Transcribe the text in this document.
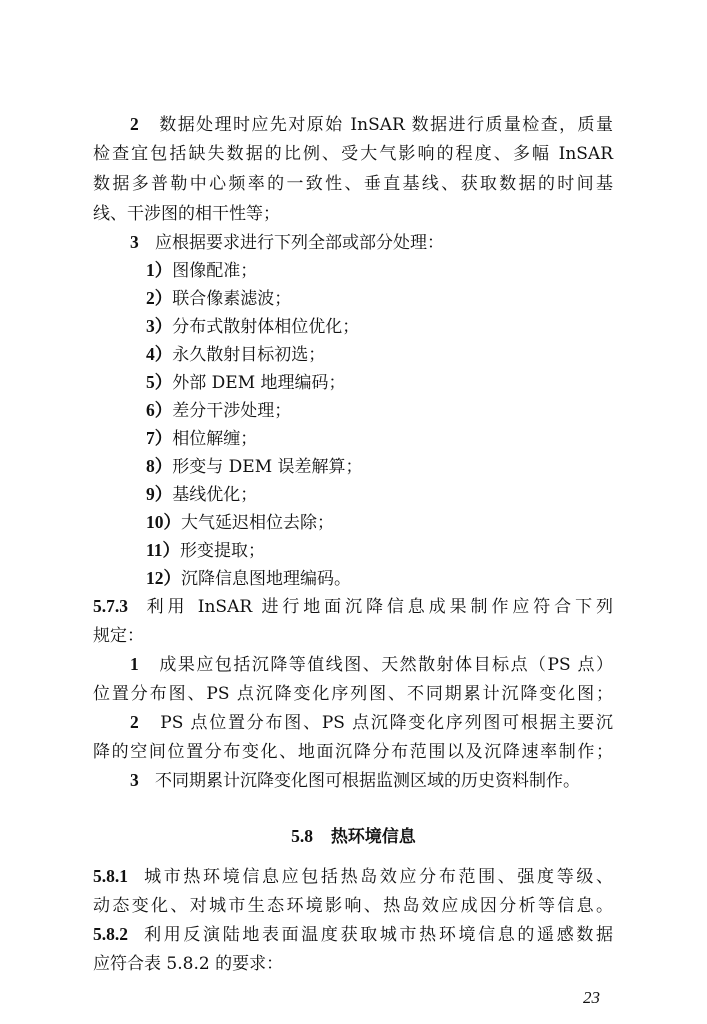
2 数据处理时应先对原始 InSAR 数据进行质量检查，质量
检查宜包括缺失数据的比例、受大气影响的程度、多幅 InSAR
数据多普勒中心频率的一致性、垂直基线、获取数据的时间基
线、干涉图的相干性等；
3 应根据要求进行下列全部或部分处理：
1）图像配准；
2）联合像素滤波；
3）分布式散射体相位优化；
4）永久散射目标初选；
5）外部 DEM 地理编码；
6）差分干涉处理；
7）相位解缠；
8）形变与 DEM 误差解算；
9）基线优化；
10）大气延迟相位去除；
11）形变提取；
12）沉降信息图地理编码。
5.7.3 利用 InSAR 进行地面沉降信息成果制作应符合下列
规定：
1 成果应包括沉降等值线图、天然散射体目标点（PS 点）
位置分布图、PS 点沉降变化序列图、不同期累计沉降变化图；
2 PS 点位置分布图、PS 点沉降变化序列图可根据主要沉
降的空间位置分布变化、地面沉降分布范围以及沉降速率制作；
3 不同期累计沉降变化图可根据监测区域的历史资料制作。
5.8 热环境信息
5.8.1 城市热环境信息应包括热岛效应分布范围、强度等级、
动态变化、对城市生态环境影响、热岛效应成因分析等信息。
5.8.2 利用反演陆地表面温度获取城市热环境信息的遥感数据
应符合表 5.8.2 的要求：
23
